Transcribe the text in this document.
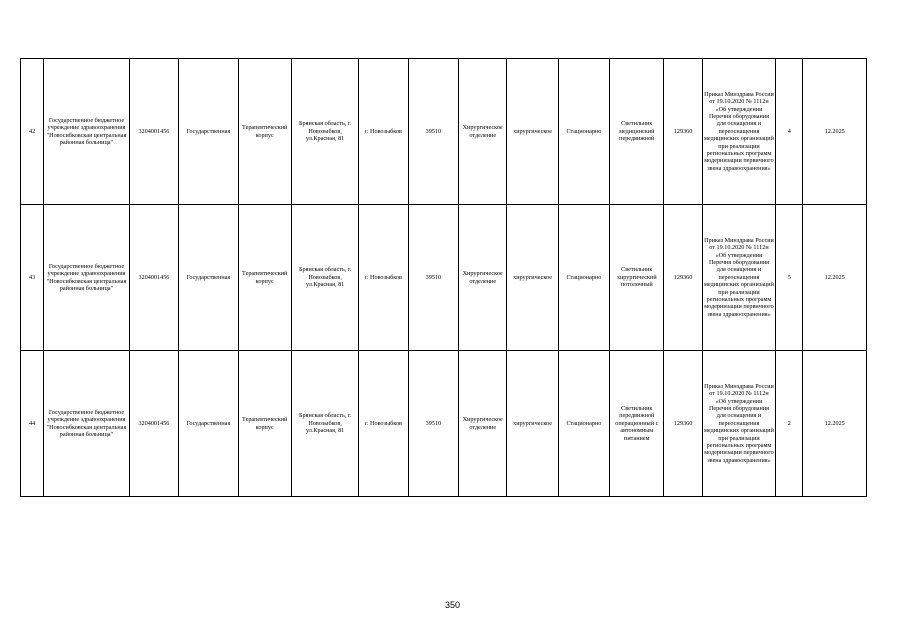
42	Государственное бюджетное учреждение здравоохранения "Новосибковская центральная районная больница"	3204001456	Государственная	Терапевтический корпус	Брянская область, г. Новозыбков, ул.Красная, 81	г. Новозыбков	39510	Хирургическое отделение	хирургическое	Стационарно	Светильник медицинский передвижной	129360	Приказ Минздрава России от 19.10.2020 № 1112н «Об утверждении Перечня оборудования для оснащения и переоснащения медицинских организаций при реализации региональных программ модернизации первичного звена здравоохранения»	4	12.2025
43	Государственное бюджетное учреждение здравоохранения "Новосибковская центральная районная больница"	3204001456	Государственная	Терапевтический корпус	Брянская область, г. Новозыбков, ул.Красная, 81	г. Новозыбков	39510	Хирургическое отделение	хирургическое	Стационарно	Светильник хирургический потолочный	129360	Приказ Минздрава России от 19.10.2020 № 1112н «Об утверждении Перечня оборудования для оснащения и переоснащения медицинских организаций при реализации региональных программ модернизации первичного звена здравоохранения»	5	12.2025
44	Государственное бюджетное учреждение здравоохранения "Новосибковская центральная районная больница"	3204001456	Государственная	Терапевтический корпус	Брянская область, г. Новозыбков, ул.Красная, 81	г. Новозыбков	39510	Хирургическое отделение	хирургическое	Стационарно	Светильник передвижной операционный с автономным питанием	129360	Приказ Минздрава России от 19.10.2020 № 1112н «Об утверждении Перечня оборудования для оснащения и переоснащения медицинских организаций при реализации региональных программ модернизации первичного звена здравоохранения»	2	12.2025
350
